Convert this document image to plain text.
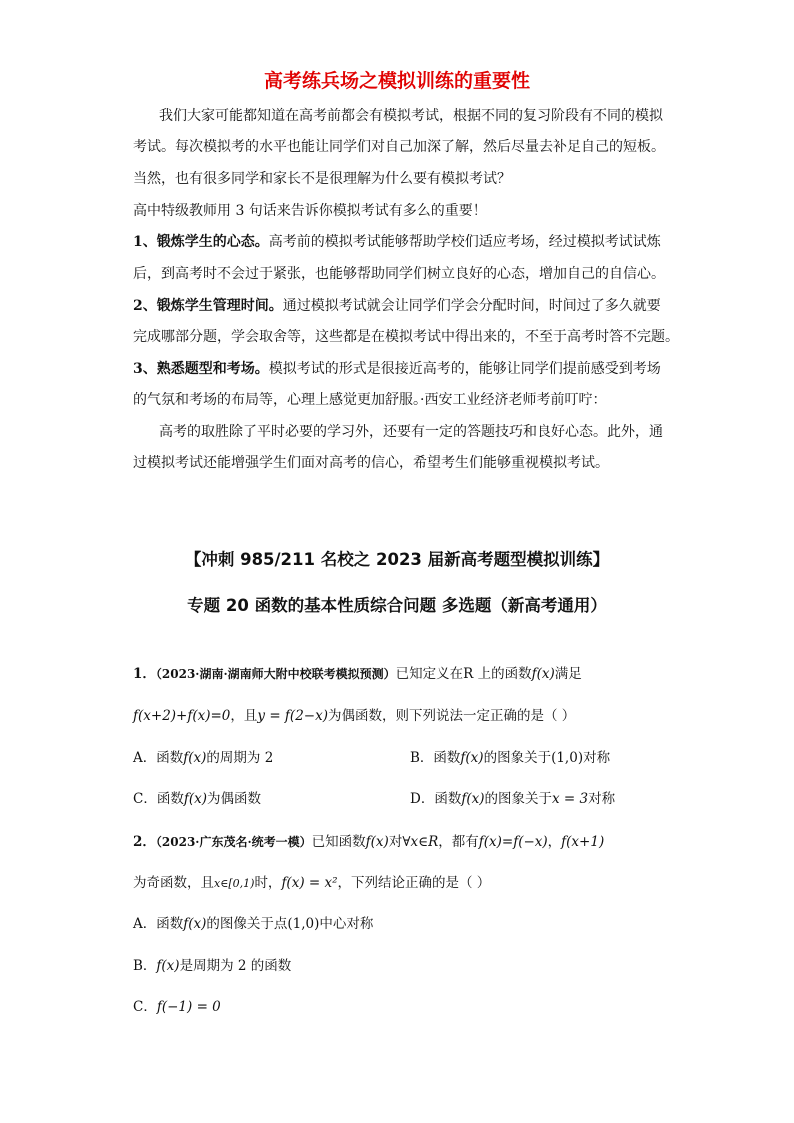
高考练兵场之模拟训练的重要性
我们大家可能都知道在高考前都会有模拟考试，根据不同的复习阶段有不同的模拟
考试。每次模拟考的水平也能让同学们对自己加深了解，然后尽量去补足自己的短板。
当然，也有很多同学和家长不是很理解为什么要有模拟考试？
高中特级教师用 3 句话来告诉你模拟考试有多么的重要！
1、锻炼学生的心态。高考前的模拟考试能够帮助学校们适应考场，经过模拟考试试炼
后，到高考时不会过于紧张，也能够帮助同学们树立良好的心态，增加自己的自信心。
2、锻炼学生管理时间。通过模拟考试就会让同学们学会分配时间，时间过了多久就要
完成哪部分题，学会取舍等，这些都是在模拟考试中得出来的，不至于高考时答不完题。
3、熟悉题型和考场。模拟考试的形式是很接近高考的，能够让同学们提前感受到考场
的气氛和考场的布局等，心理上感觉更加舒服。·西安工业经济老师考前叮咛：
高考的取胜除了平时必要的学习外，还要有一定的答题技巧和良好心态。此外，通
过模拟考试还能增强学生们面对高考的信心，希望考生们能够重视模拟考试。
【冲刺 985/211 名校之 2023 届新高考题型模拟训练】
专题 20 函数的基本性质综合问题 多选题（新高考通用）
1．（2023·湖南·湖南师大附中校联考模拟预测）已知定义在R 上的函数f(x)满足
f(x+2)+f(x)=0，且y = f(2−x)为偶函数，则下列说法一定正确的是（ ）
A．函数f(x)的周期为 2	B．函数f(x)的图象关于(1,0)对称
C．函数f(x)为偶函数	D．函数f(x)的图象关于x = 3对称
2．（2023·广东茂名·统考一模）已知函数f(x)对∀x∈R，都有f(x)=f(−x)，f(x+1)
为奇函数，且x∈[0,1)时，f(x) = x²，下列结论正确的是（ ）
A．函数f(x)的图像关于点(1,0)中心对称
B．f(x)是周期为 2 的函数
C．f(−1) = 0
